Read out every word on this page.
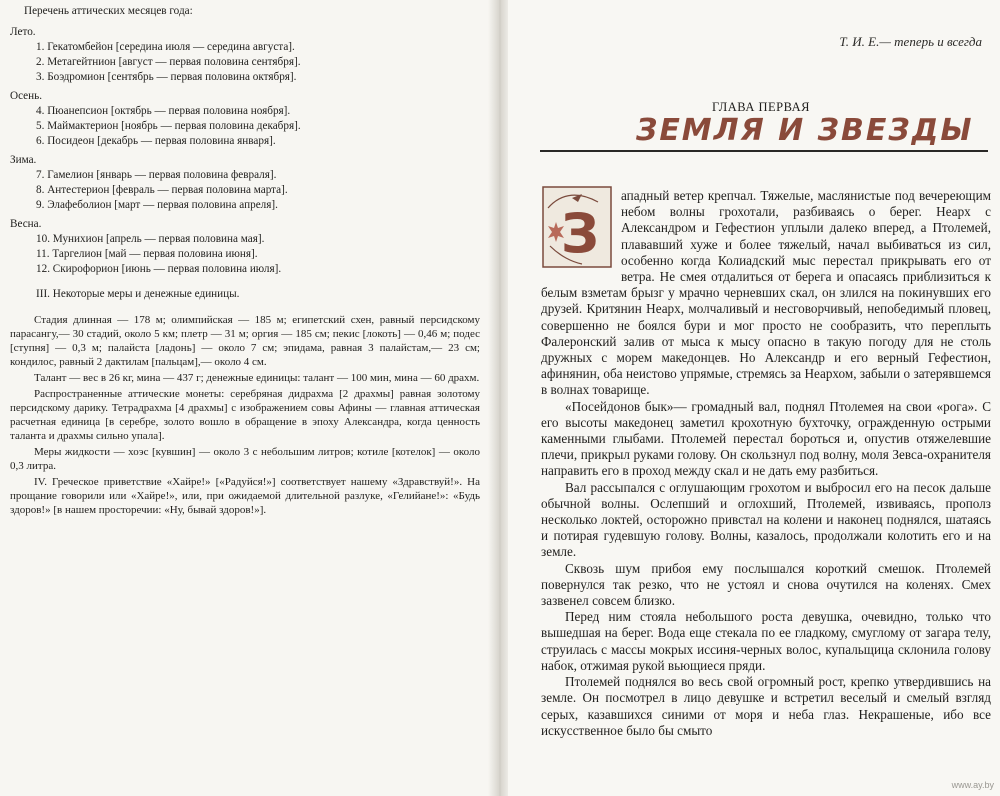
Перечень аттических месяцев года:
Лето.
1. Гекатомбейон [середина июля — середина августа].
2. Метагейтнион [август — первая половина сентября].
3. Боэдромион [сентябрь — первая половина октября].
Осень.
4. Пюанепсион [октябрь — первая половина ноября].
5. Маймактерион [ноябрь — первая половина декабря].
6. Посидеон [декабрь — первая половина января].
Зима.
7. Гамелион [январь — первая половина февраля].
8. Антестерион [февраль — первая половина марта].
9. Элафеболион [март — первая половина апреля].
Весна.
10. Мунихион [апрель — первая половина мая].
11. Таргелион [май — первая половина июня].
12. Скирофорион [июнь — первая половина июля].
III. Некоторые меры и денежные единицы.
Стадия длинная — 178 м; олимпийская — 185 м; египетский схен, равный персидскому парасангу,— 30 стадий, около 5 км; плетр — 31 м; оргия — 185 см; пекис [локоть] — 0,46 м; подес [ступня] — 0,3 м; палайста [ладонь] — около 7 см; эпидама, равная 3 палайстам,— 23 см; кондилос, равный 2 дактилам [пальцам],— около 4 см.
Талант — вес в 26 кг, мина — 437 г; денежные единицы: талант — 100 мин, мина — 60 драхм.
Распространенные аттические монеты: серебряная дидрахма [2 драхмы] равная золотому персидскому дарику. Тетрадрахма [4 драхмы] с изображением совы Афины — главная аттическая расчетная единица [в серебре, золото вошло в обращение в эпоху Александра, когда ценность таланта и драхмы сильно упала].
Меры жидкости — хоэс [кувшин] — около 3 с небольшим литров; котиле [котелок] — около 0,3 литра.
IV. Греческое приветствие «Хайре!» [«Радуйся!»] соответствует нашему «Здравствуй!». На прощание говорили или «Хайре!», или, при ожидаемой длительной разлуке, «Гелийане!»: «Будь здоров!» [в нашем просторечии: «Ну, бывай здоров!»].
Т. И. Е.— теперь и всегда
ГЛАВА ПЕРВАЯ
ЗЕМЛЯ И ЗВЕЗДЫ
З

ападный ветер крепчал. Тяжелые, маслянистые под вечереющим небом волны грохотали, разбиваясь о берег. Неарх с Александром и Гефестион уплыли далеко вперед, а Птолемей, плававший хуже и более тяжелый, начал выбиваться из сил, особенно когда Колиадский мыс перестал прикрывать его от ветра. Не смея отдалиться от берега и опасаясь приблизиться к белым взметам брызг у мрачно черневших скал, он злился на покинувших его друзей. Критянин Неарх, молчаливый и несговорчивый, непобедимый пловец, совершенно не боялся бури и мог просто не сообразить, что переплыть Фалеронский залив от мыса к мысу опасно в такую погоду для не столь дружных с морем македонцев. Но Александр и его верный Гефестион, афинянин, оба неистово упрямые, стремясь за Неархом, забыли о затерявшемся в волнах товарище.

«Посейдонов бык»— громадный вал, поднял Птолемея на свои «рога». С его высоты македонец заметил крохотную бухточку, огражденную острыми каменными глыбами. Птолемей перестал бороться и, опустив отяжелевшие плечи, прикрыл руками голову. Он скользнул под волну, моля Зевса-охранителя направить его в проход между скал и не дать ему разбиться.

Вал рассыпался с оглушающим грохотом и выбросил его на песок дальше обычной волны. Ослепший и оглохший, Птолемей, извиваясь, прополз несколько локтей, осторожно привстал на колени и наконец поднялся, шатаясь и потирая гудевшую голову. Волны, казалось, продолжали колотить его и на земле.

Сквозь шум прибоя ему послышался короткий смешок. Птолемей повернулся так резко, что не устоял и снова очутился на коленях. Смех зазвенел совсем близко.

Перед ним стояла небольшого роста девушка, очевидно, только что вышедшая на берег. Вода еще стекала по ее гладкому, смуглому от загара телу, струилась с массы мокрых иссиня-черных волос, купальщица склонила голову набок, отжимая рукой вьющиеся пряди.

Птолемей поднялся во весь свой огромный рост, крепко утвердившись на земле. Он посмотрел в лицо девушке и встретил веселый и смелый взгляд серых, казавшихся синими от моря и неба глаз. Некрашеные, ибо все искусственное было бы смыто

www.ay.by
